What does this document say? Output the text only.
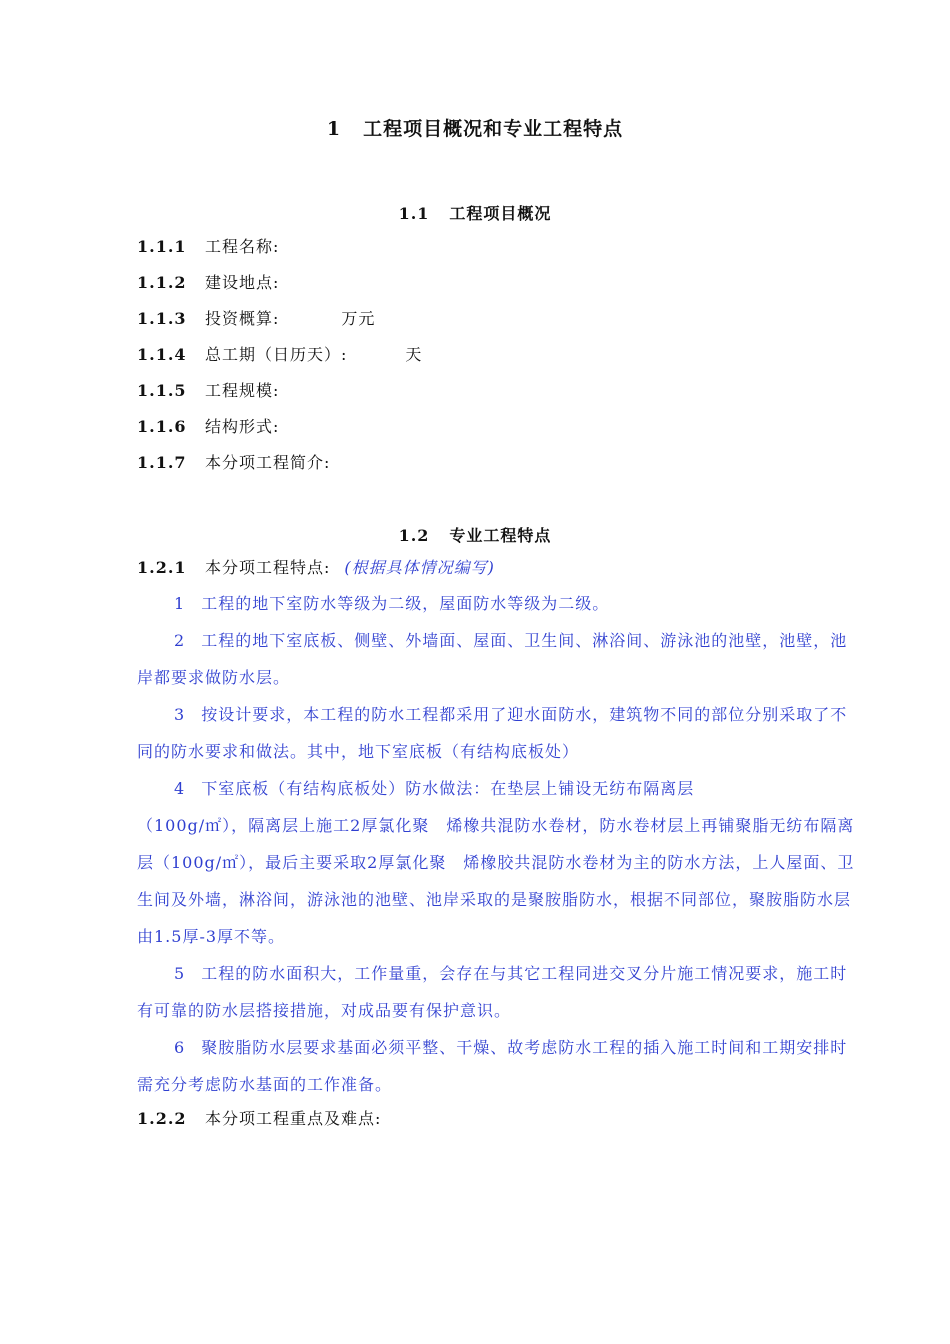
1 工程项目概况和专业工程特点
1.1 工程项目概况
1.1.1 工程名称:
1.1.2 建设地点:
1.1.3 投资概算:	万元
1.1.4 总工期（日历天）:	天
1.1.5 工程规模:
1.1.6 结构形式:
1.1.7 本分项工程简介:
1.2 专业工程特点
1.2.1 本分项工程特点: (根据具体情况编写)
1 工程的地下室防水等级为二级，屋面防水等级为二级。
2 工程的地下室底板、侧壁、外墙面、屋面、卫生间、淋浴间、游泳池的池壁，池壁，池岸都要求做防水层。
3 按设计要求，本工程的防水工程都采用了迎水面防水，建筑物不同的部位分别采取了不同的防水要求和做法。其中，地下室底板（有结构底板处）
4 下室底板（有结构底板处）防水做法：在垫层上铺设无纺布隔离层
（100g/㎡），隔离层上施工2厚氯化聚　烯橡共混防水卷材，防水卷材层上再铺聚脂无纺布隔离层（100g/㎡），最后主要采取2厚氯化聚　烯橡胶共混防水卷材为主的防水方法，上人屋面、卫生间及外墙，淋浴间，游泳池的池壁、池岸采取的是聚胺脂防水，根据不同部位，聚胺脂防水层由1.5厚-3厚不等。
5 工程的防水面积大，工作量重，会存在与其它工程同进交叉分片施工情况要求，施工时有可靠的防水层搭接措施，对成品要有保护意识。
6 聚胺脂防水层要求基面必须平整、干燥、故考虑防水工程的插入施工时间和工期安排时需充分考虑防水基面的工作准备。
1.2.2 本分项工程重点及难点:
